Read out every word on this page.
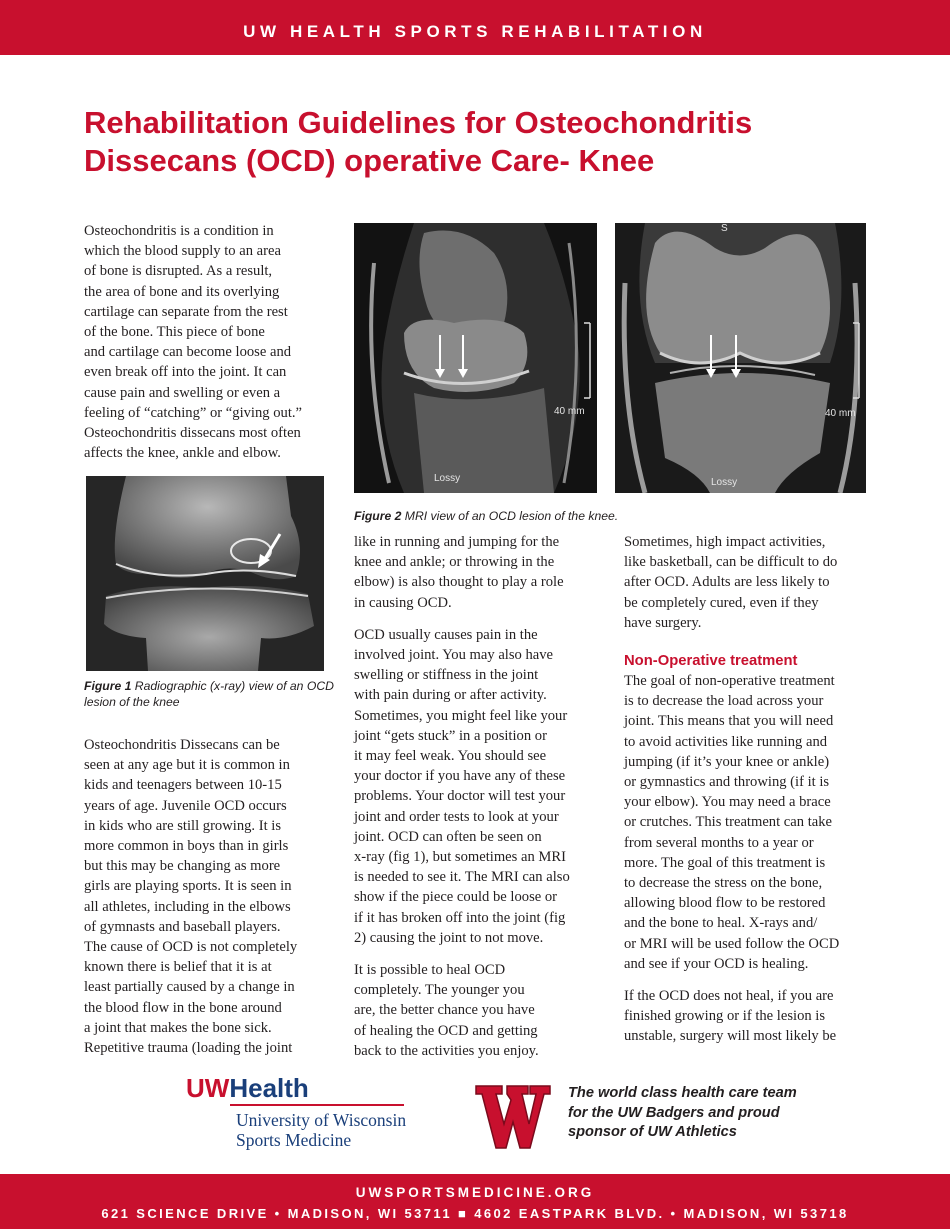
UW HEALTH SPORTS REHABILITATION
Rehabilitation Guidelines for Osteochondritis
Dissecans (OCD) operative Care- Knee
Osteochondritis is a condition in
which the blood supply to an area
of bone is disrupted. As a result,
the area of bone and its overlying
cartilage can separate from the rest
of the bone. This piece of bone
and cartilage can become loose and
even break off into the joint. It can
cause pain and swelling or even a
feeling of “catching” or “giving out.”
Osteochondritis dissecans most often
affects the knee, ankle and elbow.
Figure 1 Radiographic (x-ray) view of an OCD
lesion of the knee
Osteochondritis Dissecans can be
seen at any age but it is common in
kids and teenagers between 10-15
years of age. Juvenile OCD occurs
in kids who are still growing. It is
more common in boys than in girls
but this may be changing as more
girls are playing sports. It is seen in
all athletes, including in the elbows
of gymnasts and baseball players.
The cause of OCD is not completely
known there is belief that it is at
least partially caused by a change in
the blood flow in the bone around
a joint that makes the bone sick.
Repetitive trauma (loading the joint
40 mm
Lossy
S
40 mm
Lossy
Figure 2 MRI view of an OCD lesion of the knee.
like in running and jumping for the
knee and ankle; or throwing in the
elbow) is also thought to play a role
in causing OCD.
OCD usually causes pain in the
involved joint. You may also have
swelling or stiffness in the joint
with pain during or after activity.
Sometimes, you might feel like your
joint “gets stuck” in a position or
it may feel weak. You should see
your doctor if you have any of these
problems. Your doctor will test your
joint and order tests to look at your
joint. OCD can often be seen on
x-ray (fig 1), but sometimes an MRI
is needed to see it. The MRI can also
show if the piece could be loose or
if it has broken off into the joint (fig
2) causing the joint to not move.
It is possible to heal OCD
completely. The younger you
are, the better chance you have
of healing the OCD and getting
back to the activities you enjoy.
Sometimes, high impact activities,
like basketball, can be difficult to do
after OCD. Adults are less likely to
be completely cured, even if they
have surgery.
Non-Operative treatment
The goal of non-operative treatment
is to decrease the load across your
joint. This means that you will need
to avoid activities like running and
jumping (if it’s your knee or ankle)
or gymnastics and throwing (if it is
your elbow). You may need a brace
or crutches. This treatment can take
from several months to a year or
more. The goal of this treatment is
to decrease the stress on the bone,
allowing blood flow to be restored
and the bone to heal. X-rays and/
or MRI will be used follow the OCD
and see if your OCD is healing.
If the OCD does not heal, if you are
finished growing or if the lesion is
unstable, surgery will most likely be
UWHealth
University of Wisconsin
Sports Medicine
The world class health care team
for the UW Badgers and proud
sponsor of UW Athletics
UWSPORTSMEDICINE.ORG
621 SCIENCE DRIVE • MADISON, WI 53711 ■ 4602 EASTPARK BLVD. • MADISON, WI 53718
